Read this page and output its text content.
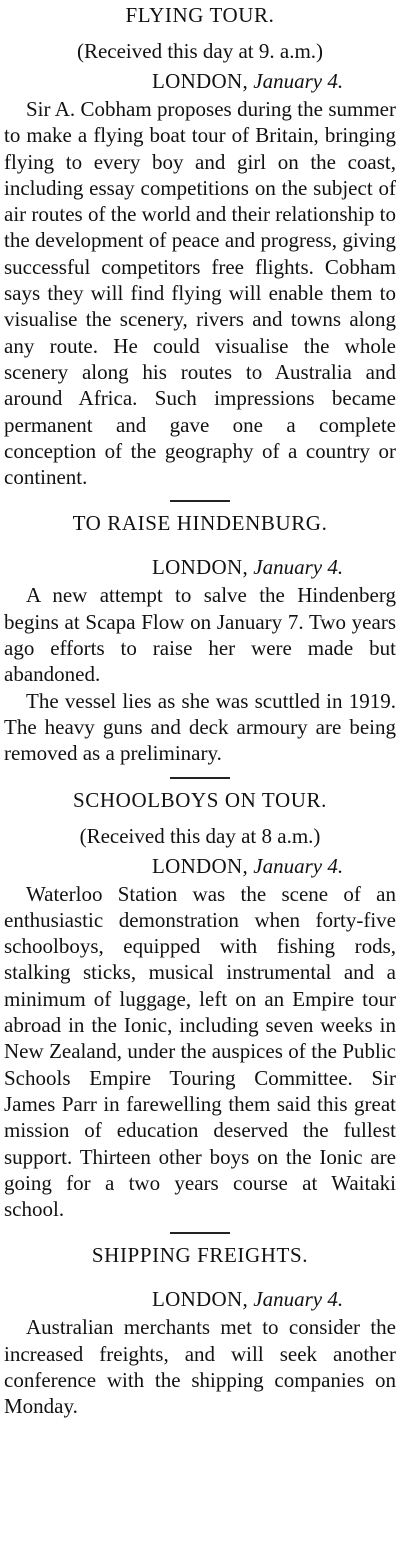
FLYING TOUR.

(Received this day at 9. a.m.)

LONDON, January 4.

Sir A. Cobham proposes during the summer to make a flying boat tour of Britain, bringing flying to every boy and girl on the coast, including essay competitions on the subject of air routes of the world and their relationship to the development of peace and progress, giving successful competitors free flights. Cobham says they will find flying will enable them to visualise the scenery, rivers and towns along any route. He could visualise the whole scenery along his routes to Australia and around Africa. Such impressions became permanent and gave one a complete conception of the geography of a country or continent.

TO RAISE HINDENBURG.

LONDON, January 4.

A new attempt to salve the Hindenberg begins at Scapa Flow on January 7. Two years ago efforts to raise her were made but abandoned.

The vessel lies as she was scuttled in 1919. The heavy guns and deck armoury are being removed as a preliminary.

SCHOOLBOYS ON TOUR.

(Received this day at 8 a.m.)

LONDON, January 4.

Waterloo Station was the scene of an enthusiastic demonstration when forty-five schoolboys, equipped with fishing rods, stalking sticks, musical instrumental and a minimum of luggage, left on an Empire tour abroad in the Ionic, including seven weeks in New Zealand, under the auspices of the Public Schools Empire Touring Committee. Sir James Parr in farewelling them said this great mission of education deserved the fullest support. Thirteen other boys on the Ionic are going for a two years course at Waitaki school.

SHIPPING FREIGHTS.

LONDON, January 4.

Australian merchants met to consider the increased freights, and will seek another conference with the shipping companies on Monday.
